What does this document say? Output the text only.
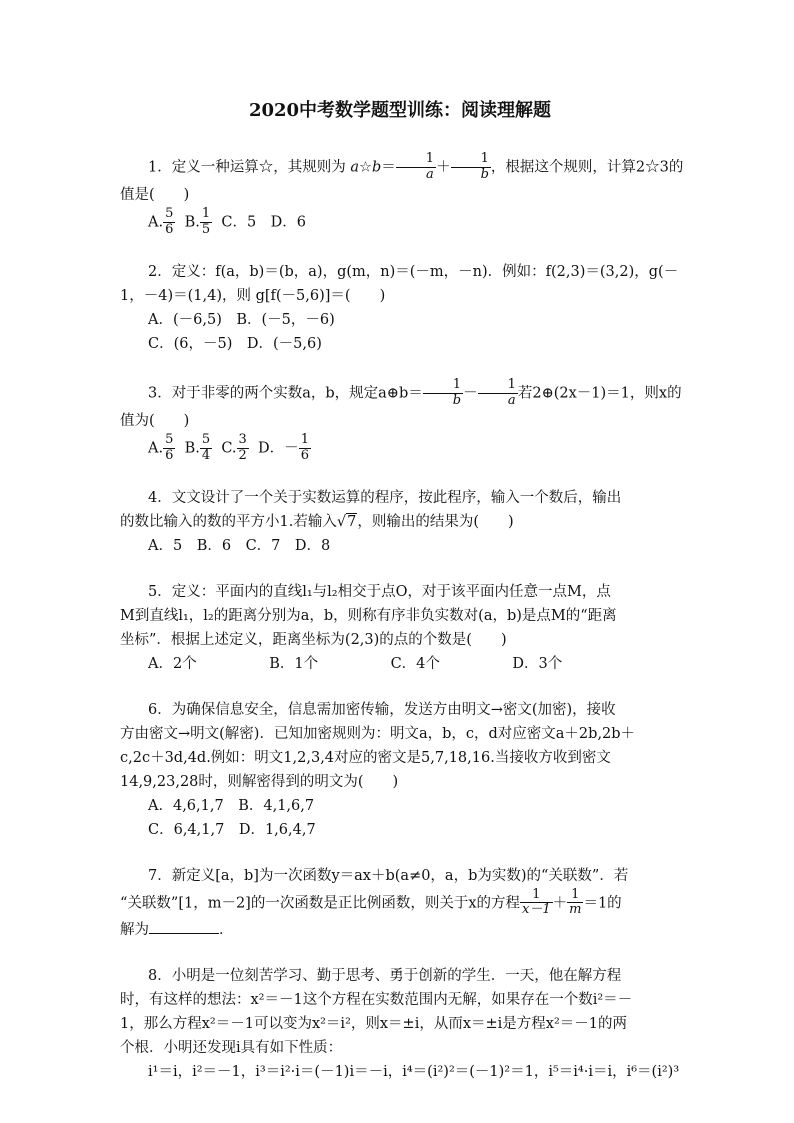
2020中考数学题型训练：阅读理解题
1．定义一种运算☆，其规则为 a☆b＝ $\frac{1}{a} + \frac{1}{b}$ ，根据这个规则，计算2☆3的
值是(　　)
A. $\frac{5}{6} B$. $\frac{1}{5}$ C．5　D．6
2．定义：f(a，b)＝(b，a)，g(m，n)＝(－m，－n)．例如：f(2,3)＝(3,2)，g(－
1，－4)＝(1,4)，则 g[f(－5,6)]＝(　　)
A．(－6,5)　B．(－5，－6)
C．(6，－5)　D．(－5,6)
3．对于非零的两个实数a，b，规定a⊕b＝ $\frac{1}{b} - \frac{1}{a}$ 若2⊕(2x－1)＝1，则x的
值为(　　)
A. $\frac{5}{6} B$. $\frac{5}{4} C$. $\frac{3}{2}$ D．－ $\frac{1}{6}$
4．文文设计了一个关于实数运算的程序，按此程序，输入一个数后，输出
的数比输入的数的平方小1.若输入√7，则输出的结果为(　　)
A．5　B．6　C．7　D．8
5．定义：平面内的直线l₁与l₂相交于点O，对于该平面内任意一点M，点
M到直线l₁，l₂的距离分别为a，b，则称有序非负实数对(a，b)是点M的“距离
坐标”．根据上述定义，距离坐标为(2,3)的点的个数是(　　)
A．2个　　　　　B．1个　　　　　C．4个　　　　　D．3个
6．为确保信息安全，信息需加密传输，发送方由明文→密文(加密)，接收
方由密文→明文(解密)．已知加密规则为：明文a，b，c，d对应密文a＋2b,2b＋
c,2c＋3d,4d.例如：明文1,2,3,4对应的密文是5,7,18,16.当接收方收到密文
14,9,23,28时，则解密得到的明文为(　　)
A．4,6,1,7　B．4,1,6,7
C．6,4,1,7　D．1,6,4,7
7．新定义[a，b]为一次函数y＝ax＋b(a≠0，a，b为实数)的“关联数”．若
“关联数”[1，m－2]的一次函数是正比例函数，则关于x的方程 $\frac{1}{x-1} + \frac{1}{m} =1$的
解为	．
8．小明是一位刻苦学习、勤于思考、勇于创新的学生．一天，他在解方程
时，有这样的想法：x²＝－1这个方程在实数范围内无解，如果存在一个数i²＝－
1，那么方程x²＝－1可以变为x²＝i²，则x＝±i，从而x＝±i是方程x²＝－1的两
个根．小明还发现i具有如下性质：
i¹＝i，i²＝－1，i³＝i²·i＝(－1)i＝－i，i⁴＝(i²)²＝(－1)²＝1，i⁵＝i⁴·i＝i，i⁶＝(i²)³
